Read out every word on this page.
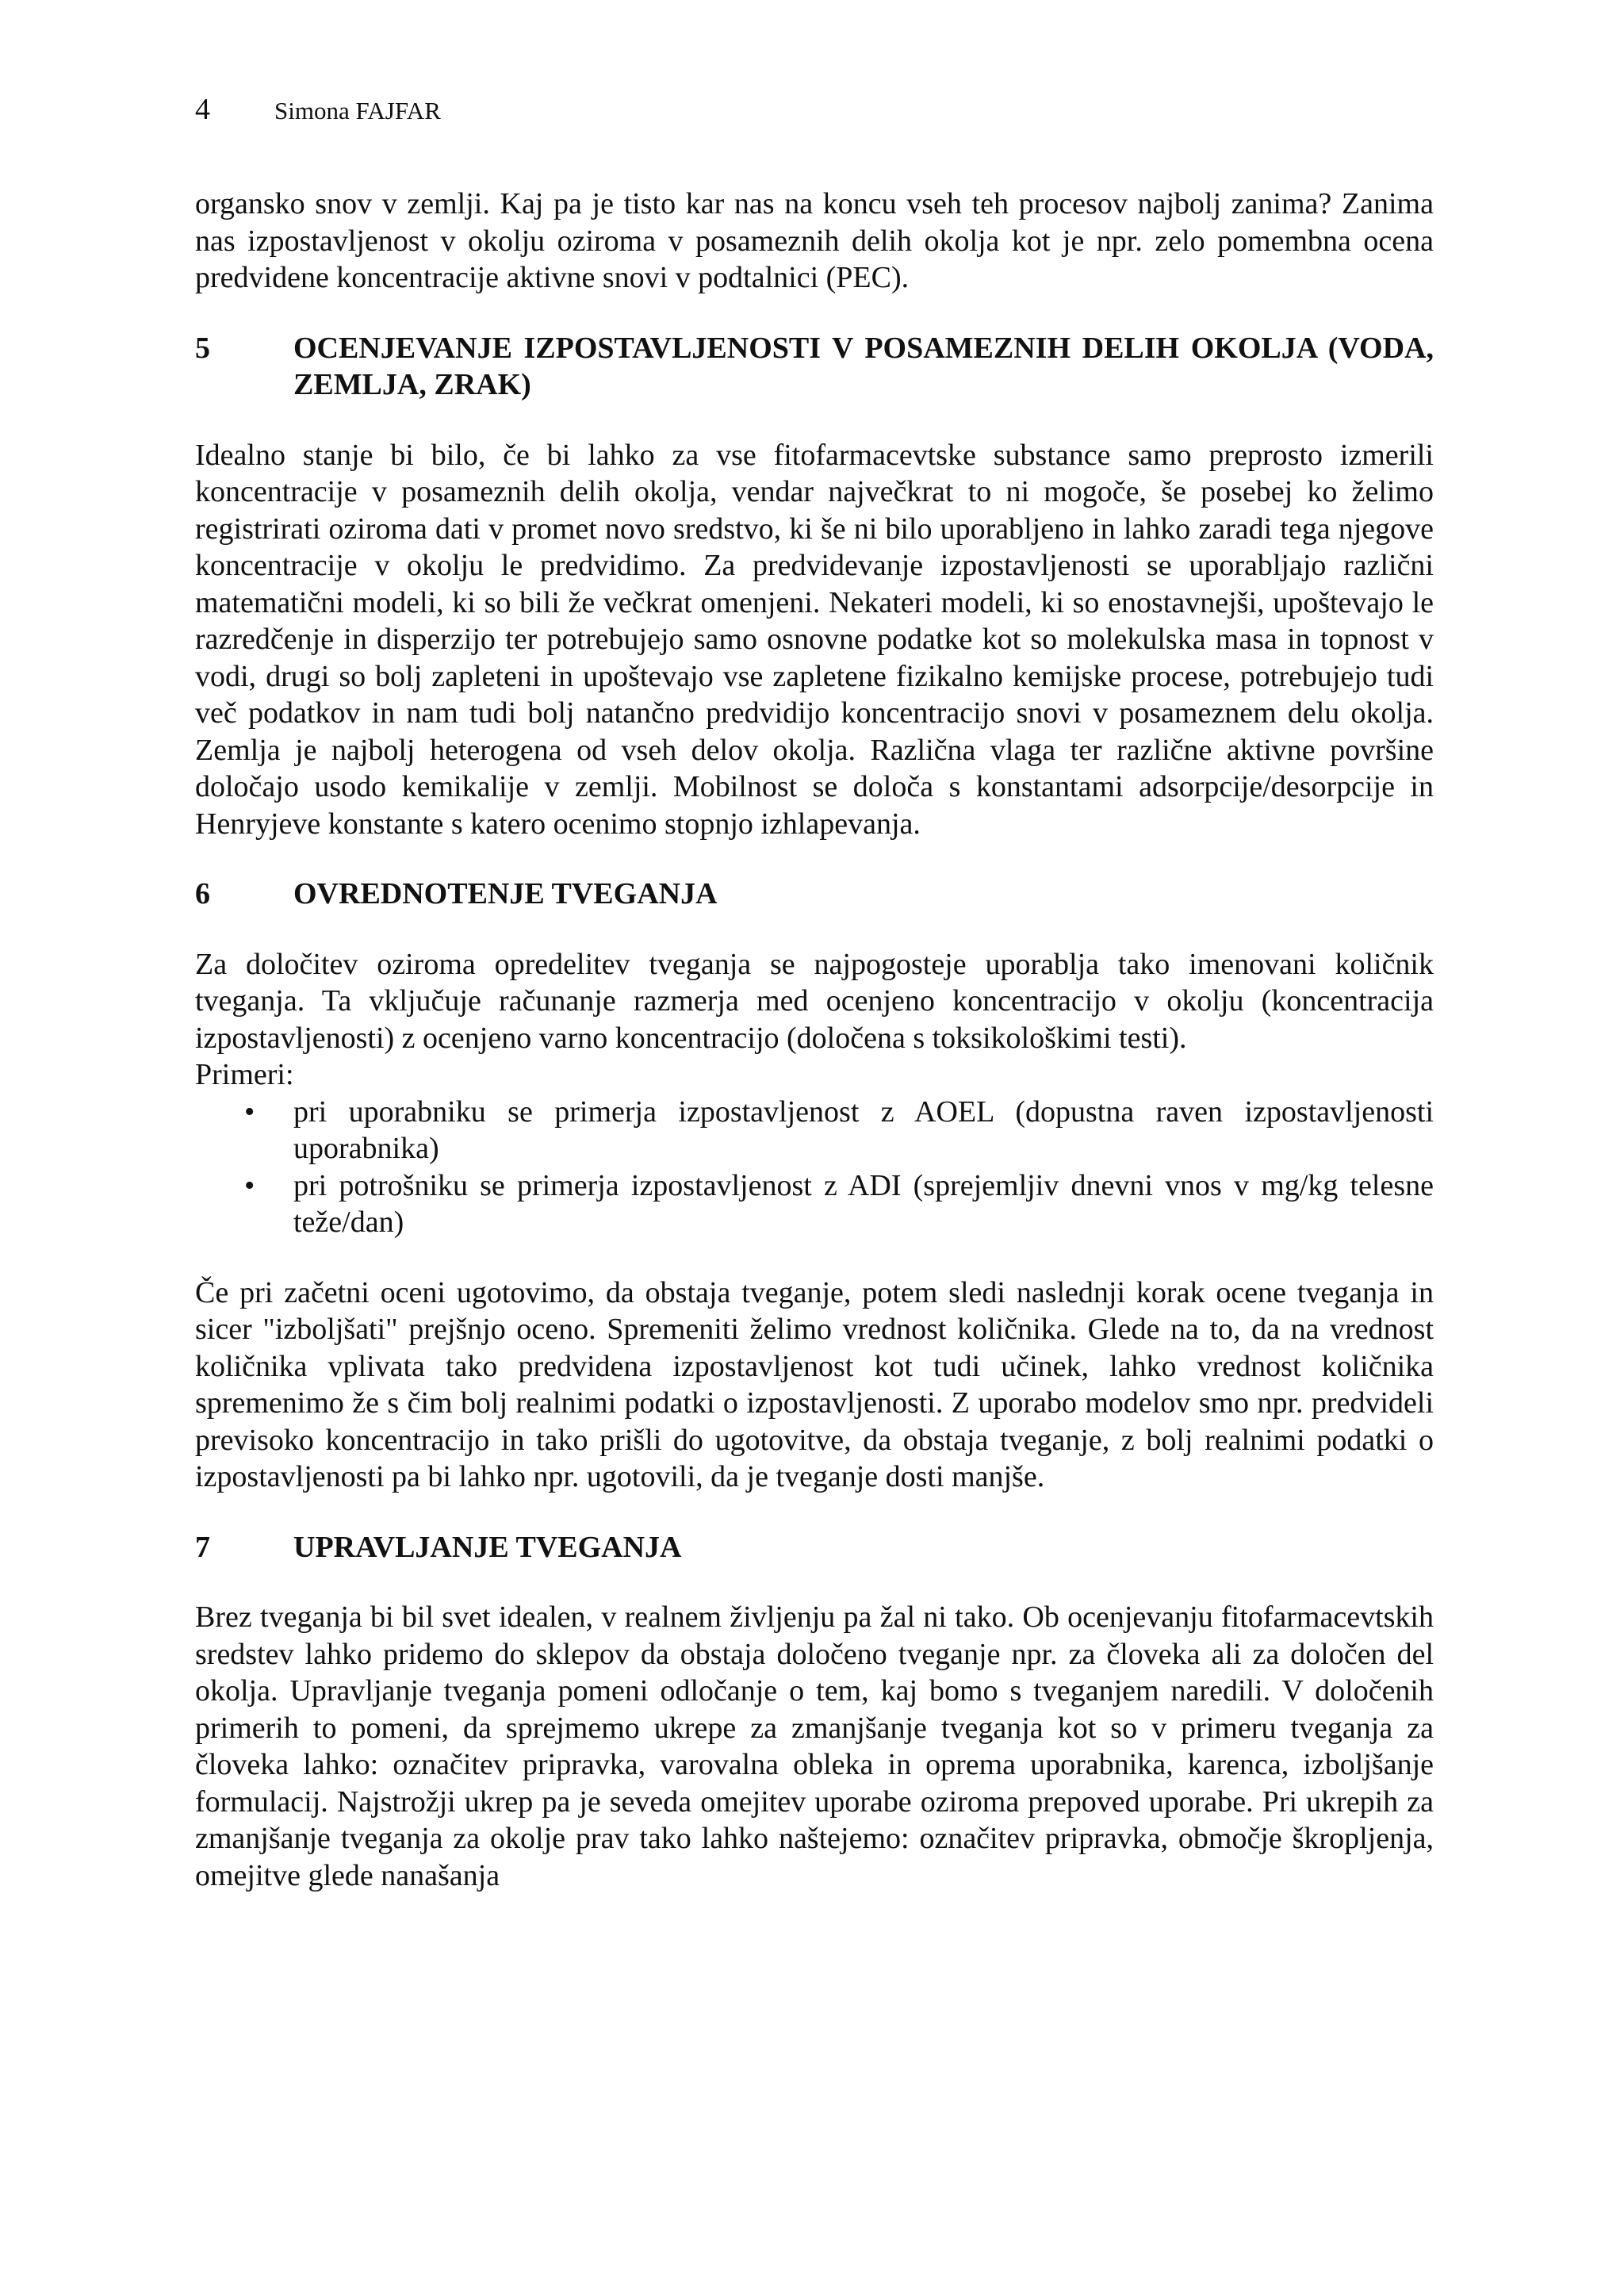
4	Simona FAJFAR

organsko snov v zemlji. Kaj pa je tisto kar nas na koncu vseh teh procesov najbolj zanima? Zanima nas izpostavljenost v okolju oziroma v posameznih delih okolja kot je npr. zelo pomembna ocena predvidene koncentracije aktivne snovi v podtalnici (PEC).

5	OCENJEVANJE IZPOSTAVLJENOSTI V POSAMEZNIH DELIH OKOLJA (VODA, ZEMLJA, ZRAK)

Idealno stanje bi bilo, če bi lahko za vse fitofarmacevtske substance samo preprosto izmerili koncentracije v posameznih delih okolja, vendar največkrat to ni mogoče, še posebej ko želimo registrirati oziroma dati v promet novo sredstvo, ki še ni bilo uporabljeno in lahko zaradi tega njegove koncentracije v okolju le predvidimo. Za predvidevanje izpostavljenosti se uporabljajo različni matematični modeli, ki so bili že večkrat omenjeni. Nekateri modeli, ki so enostavnejši, upoštevajo le razredčenje in disperzijo ter potrebujejo samo osnovne podatke kot so molekulska masa in topnost v vodi, drugi so bolj zapleteni in upoštevajo vse zapletene fizikalno kemijske procese, potrebujejo tudi več podatkov in nam tudi bolj natančno predvidijo koncentracijo snovi v posameznem delu okolja. Zemlja je najbolj heterogena od vseh delov okolja. Različna vlaga ter različne aktivne površine določajo usodo kemikalije v zemlji. Mobilnost se določa s konstantami adsorpcije/desorpcije in Henryjeve konstante s katero ocenimo stopnjo izhlapevanja.

6	OVREDNOTENJE TVEGANJA

Za določitev oziroma opredelitev tveganja se najpogosteje uporablja tako imenovani količnik tveganja. Ta vključuje računanje razmerja med ocenjeno koncentracijo v okolju (koncentracija izpostavljenosti) z ocenjeno varno koncentracijo (določena s toksikološkimi testi).

Primeri:

•	pri uporabniku se primerja izpostavljenost z AOEL (dopustna raven izpostavljenosti uporabnika)
•	pri potrošniku se primerja izpostavljenost z ADI (sprejemljiv dnevni vnos v mg/kg telesne teže/dan)

Če pri začetni oceni ugotovimo, da obstaja tveganje, potem sledi naslednji korak ocene tveganja in sicer "izboljšati" prejšnjo oceno. Spremeniti želimo vrednost količnika. Glede na to, da na vrednost količnika vplivata tako predvidena izpostavljenost kot tudi učinek, lahko vrednost količnika spremenimo že s čim bolj realnimi podatki o izpostavljenosti. Z uporabo modelov smo npr. predvideli previsoko koncentracijo in tako prišli do ugotovitve, da obstaja tveganje, z bolj realnimi podatki o izpostavljenosti pa bi lahko npr. ugotovili, da je tveganje dosti manjše.

7	UPRAVLJANJE TVEGANJA

Brez tveganja bi bil svet idealen, v realnem življenju pa žal ni tako. Ob ocenjevanju fitofarmacevtskih sredstev lahko pridemo do sklepov da obstaja določeno tveganje npr. za človeka ali za določen del okolja. Upravljanje tveganja pomeni odločanje o tem, kaj bomo s tveganjem naredili. V določenih primerih to pomeni, da sprejmemo ukrepe za zmanjšanje tveganja kot so v primeru tveganja za človeka lahko: označitev pripravka, varovalna obleka in oprema uporabnika, karenca, izboljšanje formulacij. Najstrožji ukrep pa je seveda omejitev uporabe oziroma prepoved uporabe. Pri ukrepih za zmanjšanje tveganja za okolje prav tako lahko naštejemo: označitev pripravka, območje škropljenja, omejitve glede nanašanja
